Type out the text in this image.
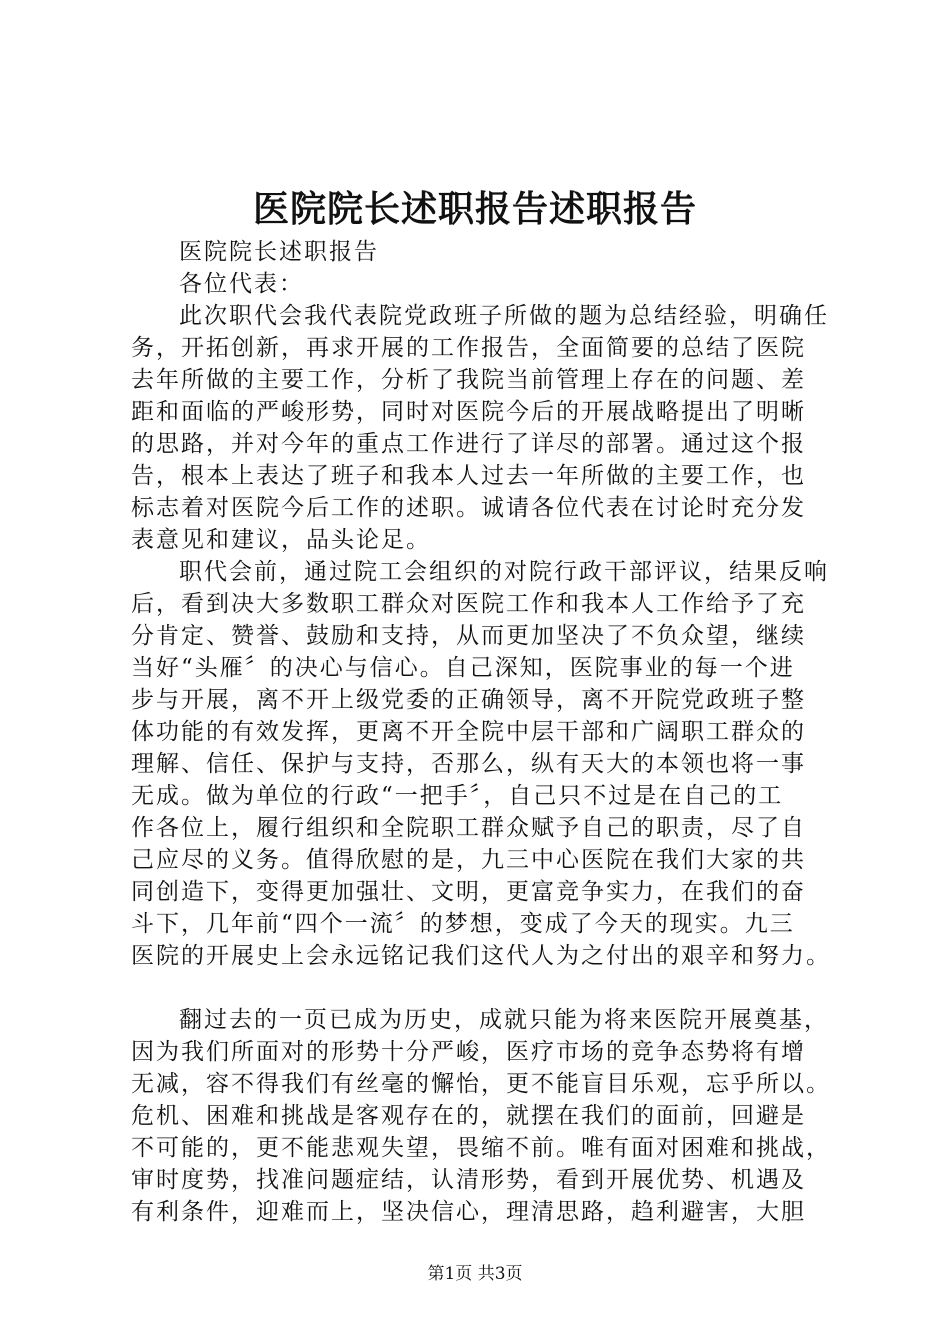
医院院长述职报告述职报告

医院院长述职报告

各位代表：

此次职代会我代表院党政班子所做的题为总结经验，明确任

务，开拓创新，再求开展的工作报告，全面简要的总结了医院

去年所做的主要工作，分析了我院当前管理上存在的问题、差

距和面临的严峻形势，同时对医院今后的开展战略提出了明晰

的思路，并对今年的重点工作进行了详尽的部署。通过这个报

告，根本上表达了班子和我本人过去一年所做的主要工作，也

标志着对医院今后工作的述职。诚请各位代表在讨论时充分发

表意见和建议，品头论足。

职代会前，通过院工会组织的对院行政干部评议，结果反响

后，看到决大多数职工群众对医院工作和我本人工作给予了充

分肯定、赞誉、鼓励和支持，从而更加坚决了不负众望，继续

当好“头雁〞的决心与信心。自己深知，医院事业的每一个进

步与开展，离不开上级党委的正确领导，离不开院党政班子整

体功能的有效发挥，更离不开全院中层干部和广阔职工群众的

理解、信任、保护与支持，否那么，纵有天大的本领也将一事

无成。做为单位的行政“一把手〞，自己只不过是在自己的工

作各位上，履行组织和全院职工群众赋予自己的职责，尽了自

己应尽的义务。值得欣慰的是，九三中心医院在我们大家的共

同创造下，变得更加强壮、文明，更富竞争实力，在我们的奋

斗下，几年前“四个一流〞的梦想，变成了今天的现实。九三

医院的开展史上会永远铭记我们这代人为之付出的艰辛和努力。

翻过去的一页已成为历史，成就只能为将来医院开展奠基，

因为我们所面对的形势十分严峻，医疗市场的竞争态势将有增

无减，容不得我们有丝毫的懈怡，更不能盲目乐观，忘乎所以。

危机、困难和挑战是客观存在的，就摆在我们的面前，回避是

不可能的，更不能悲观失望，畏缩不前。唯有面对困难和挑战，

审时度势，找准问题症结，认清形势，看到开展优势、机遇及

有利条件，迎难而上，坚决信心，理清思路，趋利避害，大胆

第1页 共3页
